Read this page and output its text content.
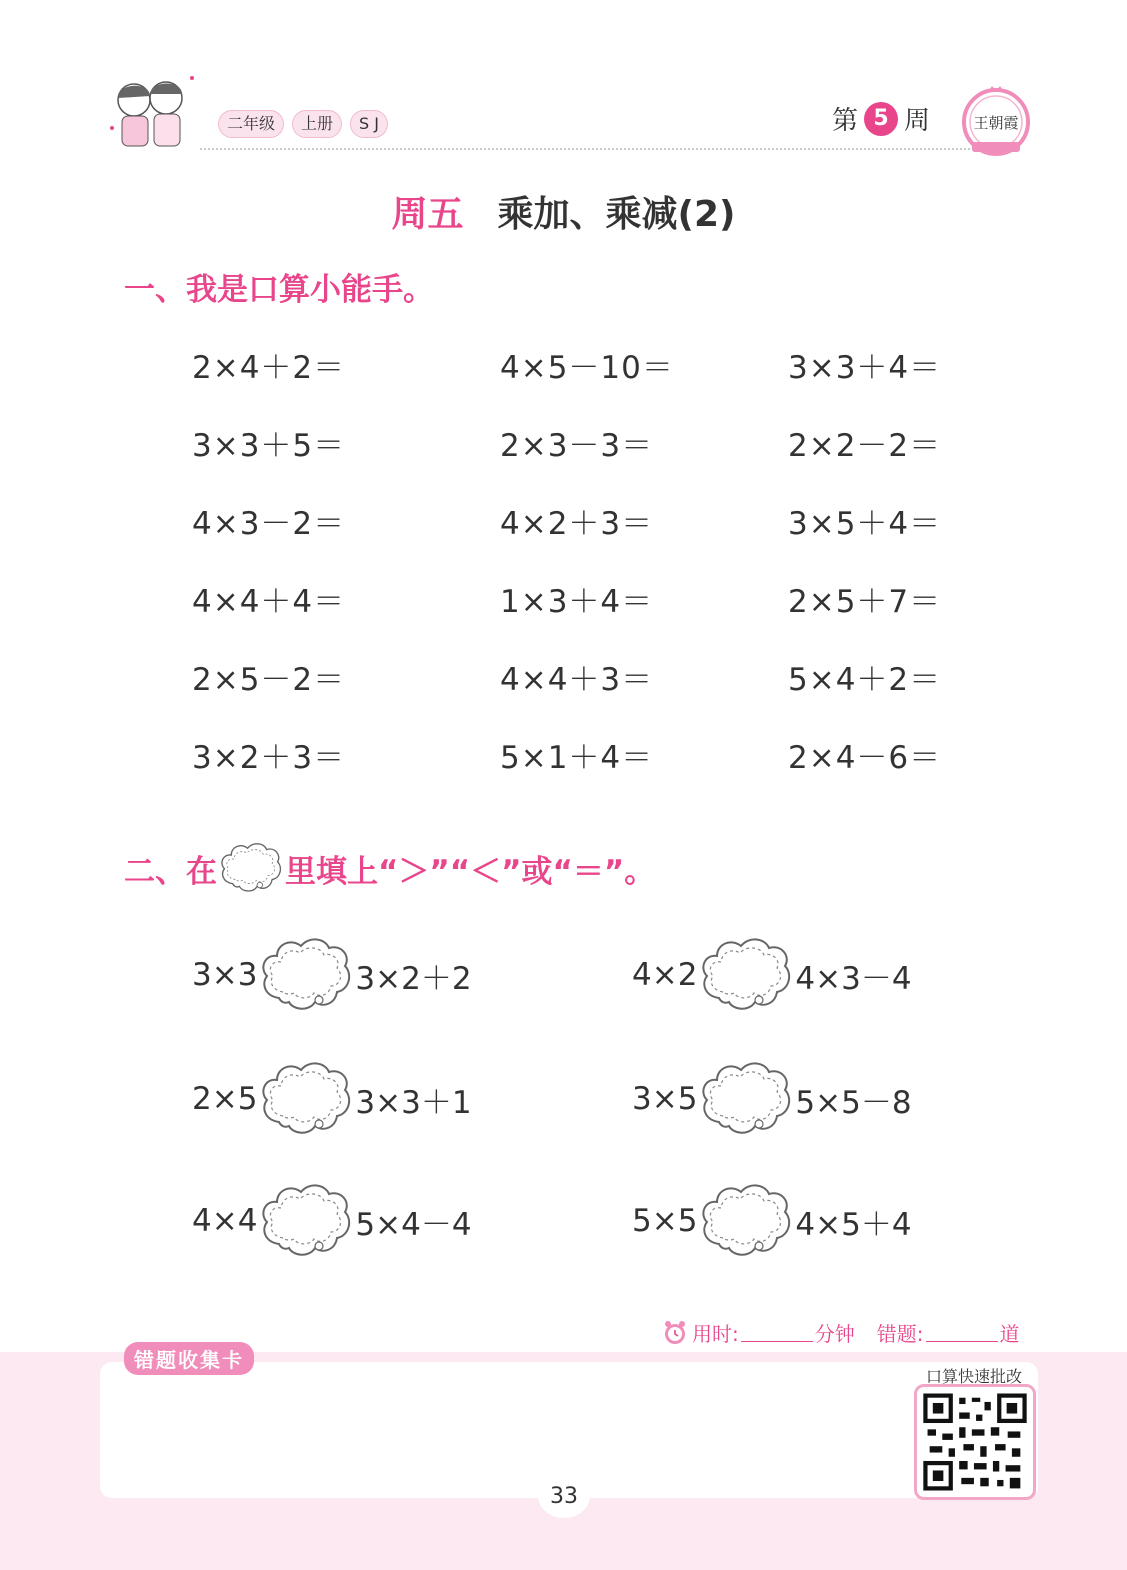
二年级	上册	S J	第 5 周	王朝霞
周五 乘加、乘减(2)
一、我是口算小能手。
2×4＋2＝	4×5－10＝	3×3＋4＝
3×3＋5＝	2×3－3＝	2×2－2＝
4×3－2＝	4×2＋3＝	3×5＋4＝
4×4＋4＝	1×3＋4＝	2×5＋7＝
2×5－2＝	4×4＋3＝	5×4＋2＝
3×2＋3＝	5×1＋4＝	2×4－6＝
二、在 里填上“＞”“＜”或“＝”。
3×3	3×2＋2	4×2	4×3－4
2×5	3×3＋1	3×5	5×5－8
4×4	5×4－4	5×5	4×5＋4
用时:	分钟 错题:	道
错题收集卡
口算快速批改
33
